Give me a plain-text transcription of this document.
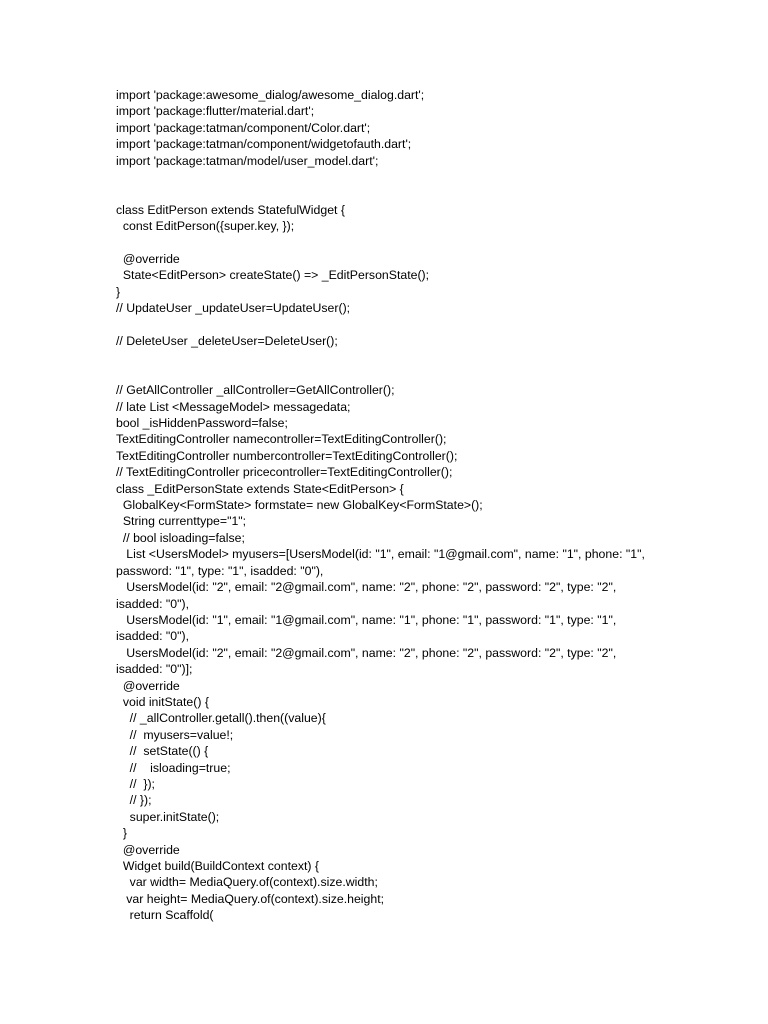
import 'package:awesome_dialog/awesome_dialog.dart';
import 'package:flutter/material.dart';
import 'package:tatman/component/Color.dart';
import 'package:tatman/component/widgetofauth.dart';
import 'package:tatman/model/user_model.dart';
class EditPerson extends StatefulWidget {
const EditPerson({super.key, });
@override
State<EditPerson> createState() => _EditPersonState();
}
// UpdateUser _updateUser=UpdateUser();
// DeleteUser _deleteUser=DeleteUser();
// GetAllController _allController=GetAllController();
// late List <MessageModel> messagedata;
bool _isHiddenPassword=false;
TextEditingController namecontroller=TextEditingController();
TextEditingController numbercontroller=TextEditingController();
// TextEditingController pricecontroller=TextEditingController();
class _EditPersonState extends State<EditPerson> {
GlobalKey<FormState> formstate= new GlobalKey<FormState>();
String currenttype="1";
// bool isloading=false;
List <UsersModel> myusers=[UsersModel(id: "1", email: "1@gmail.com", name: "1", phone: "1", password: "1", type: "1", isadded: "0"),
UsersModel(id: "2", email: "2@gmail.com", name: "2", phone: "2", password: "2", type: "2", isadded: "0"),
UsersModel(id: "1", email: "1@gmail.com", name: "1", phone: "1", password: "1", type: "1", isadded: "0"),
UsersModel(id: "2", email: "2@gmail.com", name: "2", phone: "2", password: "2", type: "2", isadded: "0")];
@override
void initState() {
// _allController.getall().then((value){
//  myusers=value!;
//  setState(() {
//    isloading=true;
//  });
// });
super.initState();
}
@override
Widget build(BuildContext context) {
var width= MediaQuery.of(context).size.width;
var height= MediaQuery.of(context).size.height;
return Scaffold(
